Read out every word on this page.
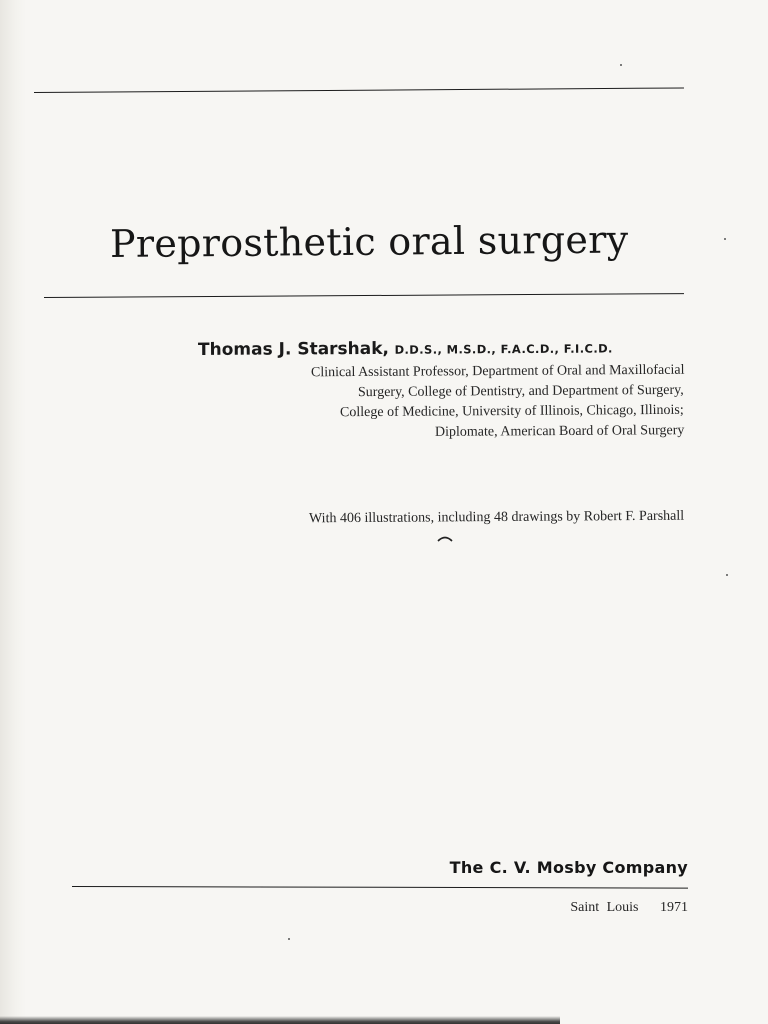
Preprosthetic oral surgery
Thomas J. Starshak, D.D.S., M.S.D., F.A.C.D., F.I.C.D.
Clinical Assistant Professor, Department of Oral and Maxillofacial
Surgery, College of Dentistry, and Department of Surgery,
College of Medicine, University of Illinois, Chicago, Illinois;
Diplomate, American Board of Oral Surgery
With 406 illustrations, including 48 drawings by Robert F. Parshall
The C. V. Mosby Company
Saint Louis 1971
